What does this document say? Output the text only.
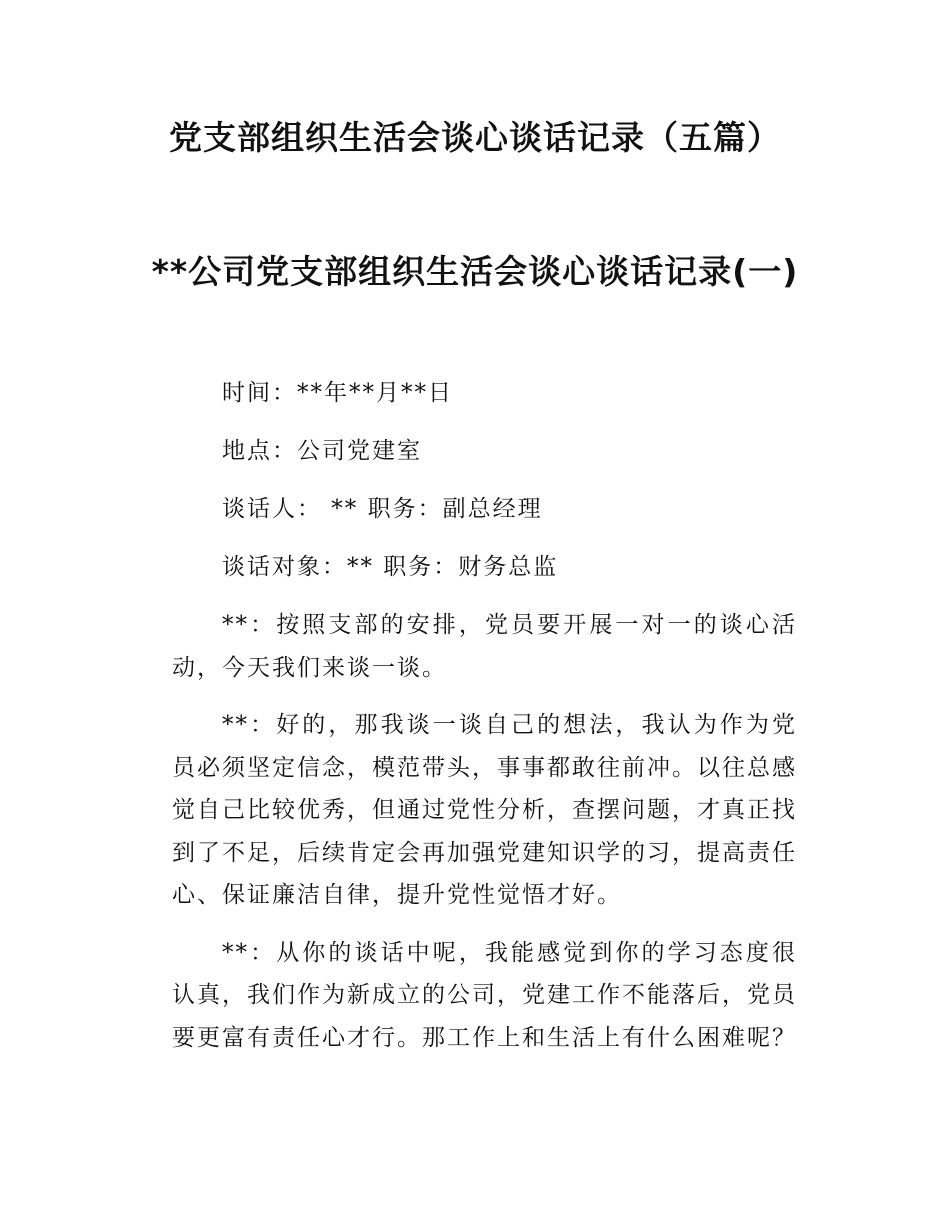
党支部组织生活会谈心谈话记录（五篇）
**公司党支部组织生活会谈心谈话记录(一)

时间：**年**月**日

地点：公司党建室

谈话人： ** 职务：副总经理

谈话对象：** 职务：财务总监

**：按照支部的安排，党员要开展一对一的谈心活动，今天我们来谈一谈。

**：好的，那我谈一谈自己的想法，我认为作为党员必须坚定信念，模范带头，事事都敢往前冲。以往总感觉自己比较优秀，但通过党性分析，查摆问题，才真正找到了不足，后续肯定会再加强党建知识学的习，提高责任心、保证廉洁自律，提升党性觉悟才好。

**：从你的谈话中呢，我能感觉到你的学习态度很认真，我们作为新成立的公司，党建工作不能落后，党员要更富有责任心才行。那工作上和生活上有什么困难呢？
